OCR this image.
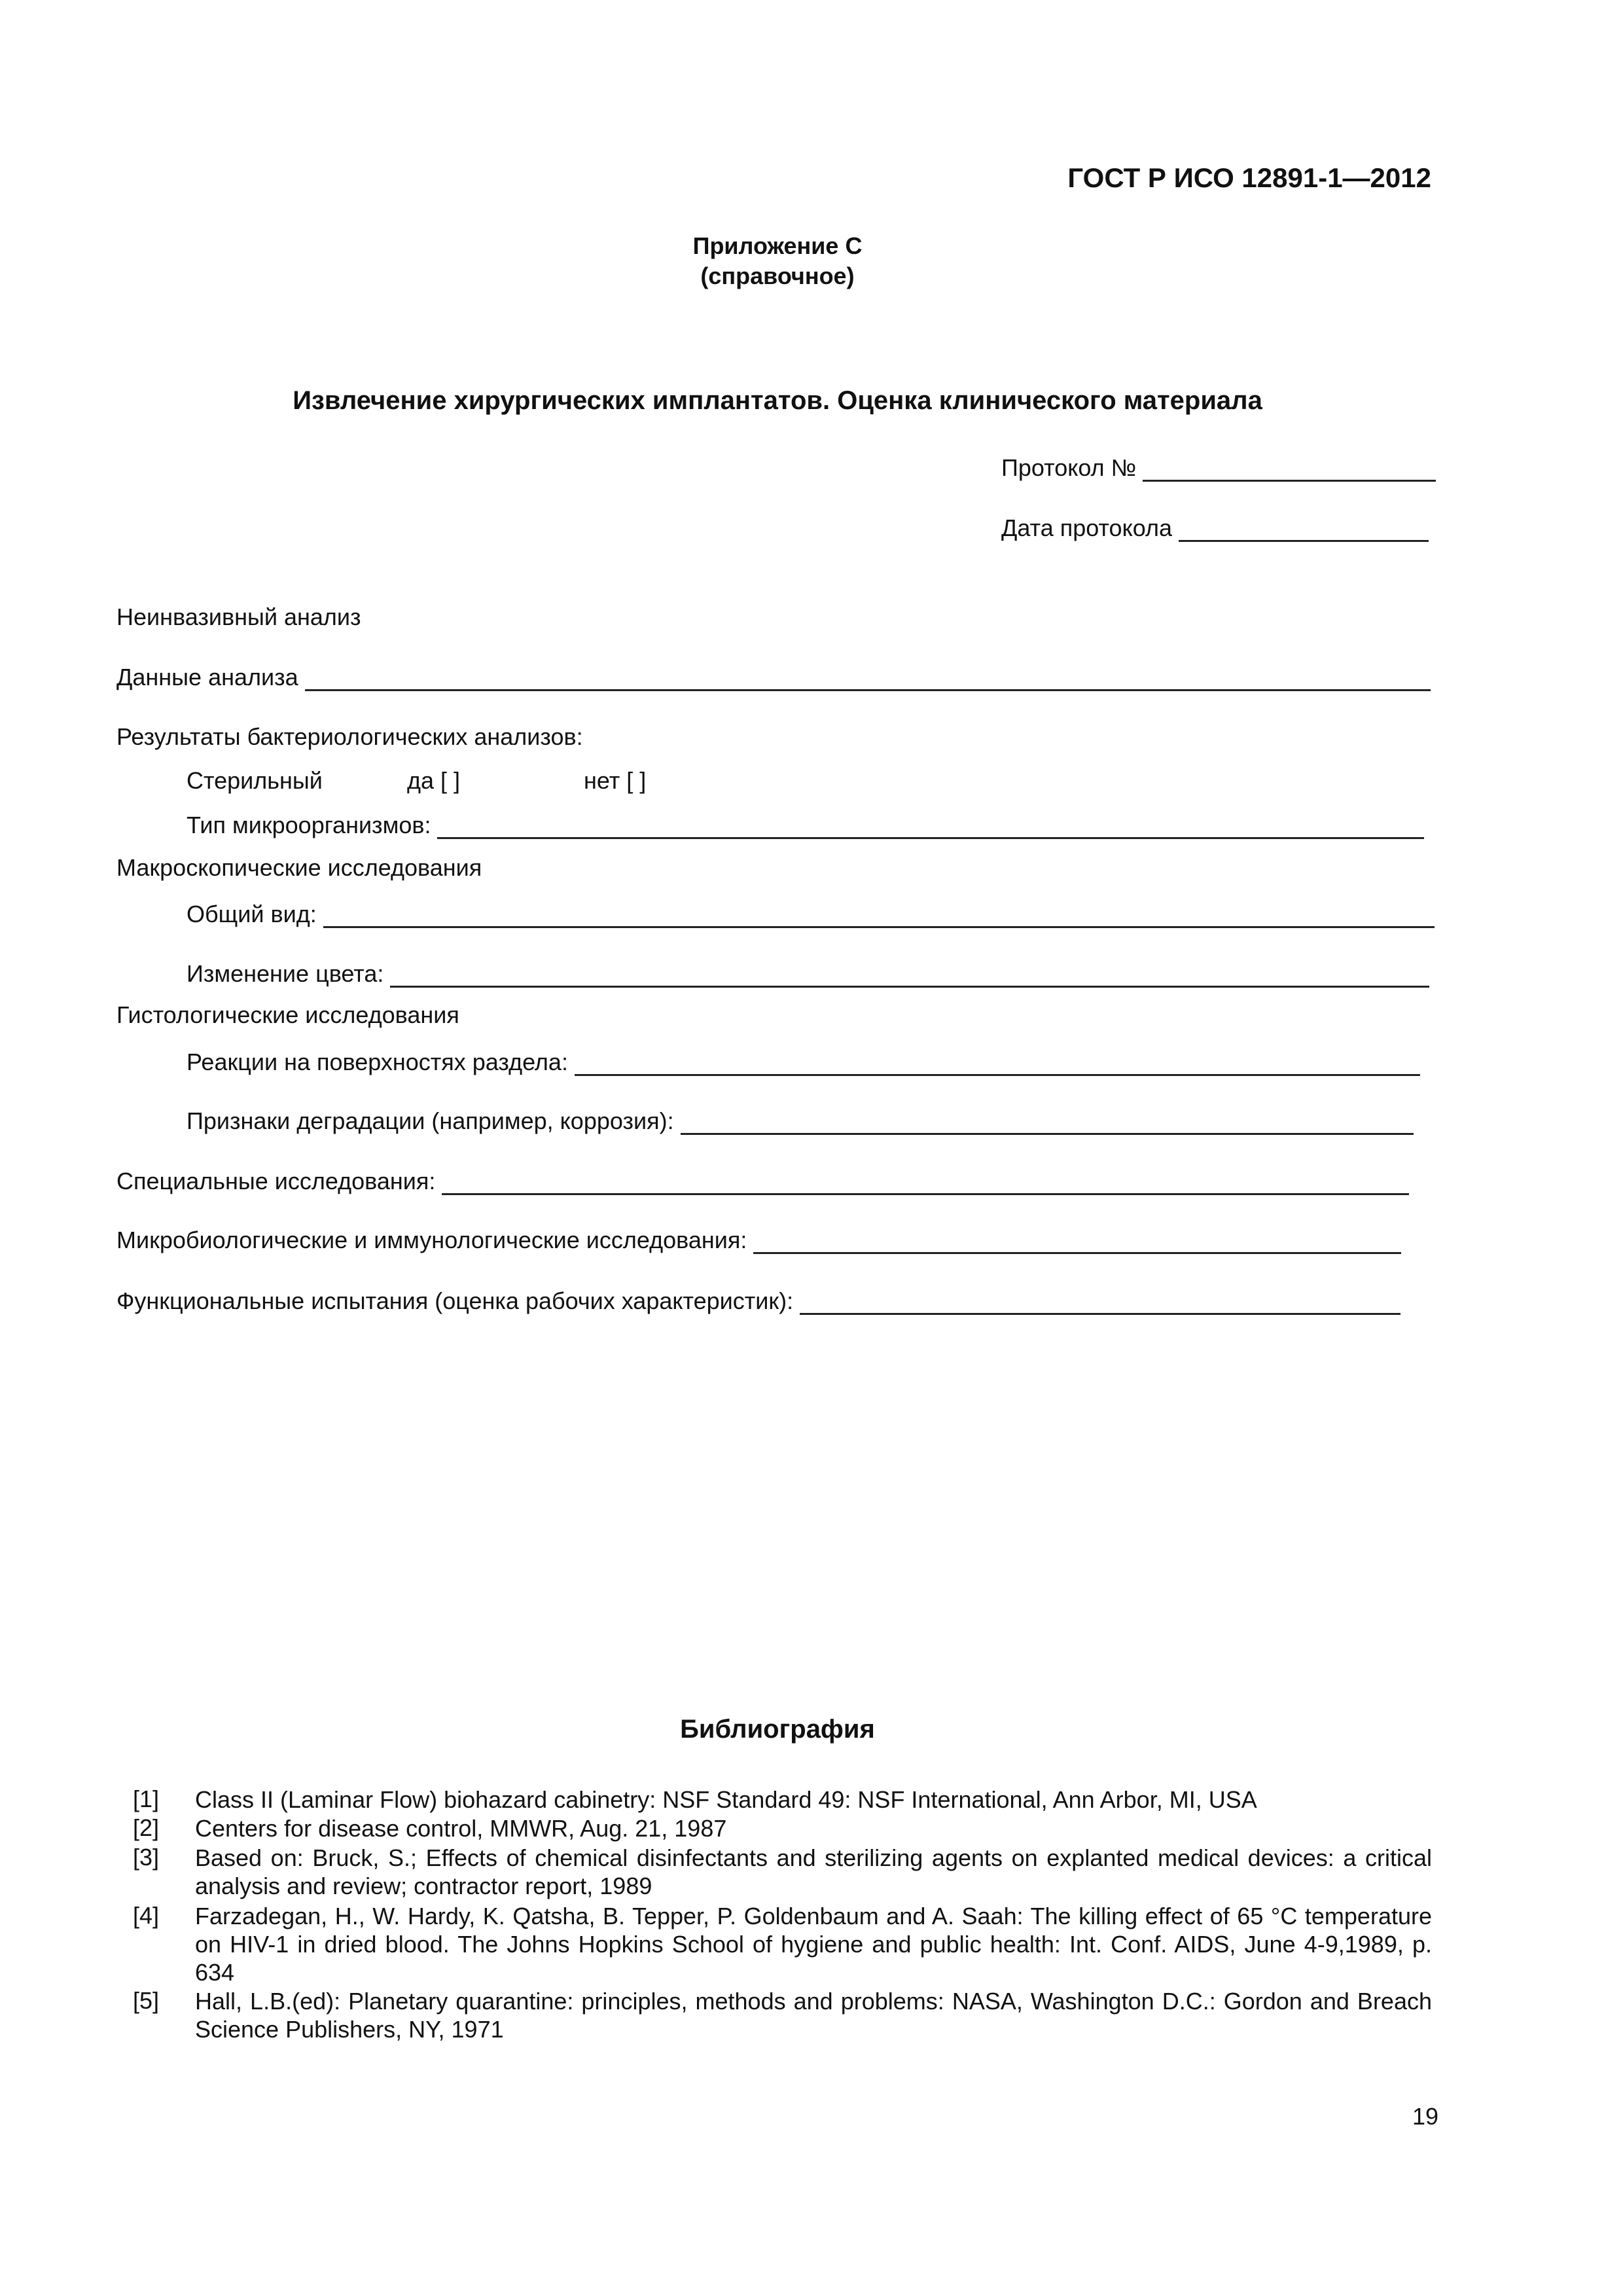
ГОСТ Р ИСО 12891-1—2012
Приложение С
(справочное)
Извлечение хирургических имплантатов. Оценка клинического материала
Протокол №
Дата протокола
Неинвазивный анализ
Данные анализа
Результаты бактериологических анализов:
Стерильный	да [ ]	нет [ ]
Тип микроорганизмов:
Макроскопические исследования
Общий вид:
Изменение цвета:
Гистологические исследования
Реакции на поверхностях раздела:
Признаки деградации (например, коррозия):
Специальные исследования:
Микробиологические и иммунологические исследования:
Функциональные испытания (оценка рабочих характеристик):
Библиография
[1] Class II (Laminar Flow) biohazard cabinetry: NSF Standard 49: NSF International, Ann Arbor, MI, USA
[2] Centers for disease control, MMWR, Aug. 21, 1987
[3] Based on: Bruck, S.; Effects of chemical disinfectants and sterilizing agents on explanted medical devices: a critical analysis and review; contractor report, 1989
[4] Farzadegan, H., W. Hardy, K. Qatsha, B. Tepper, P. Goldenbaum and A. Saah: The killing effect of 65 °C temperature on HIV-1 in dried blood. The Johns Hopkins School of hygiene and public health: Int. Conf. AIDS, June 4-9,1989, p. 634
[5] Hall, L.B.(ed): Planetary quarantine: principles, methods and problems: NASA, Washington D.C.: Gordon and Breach Science Publishers, NY, 1971
19
